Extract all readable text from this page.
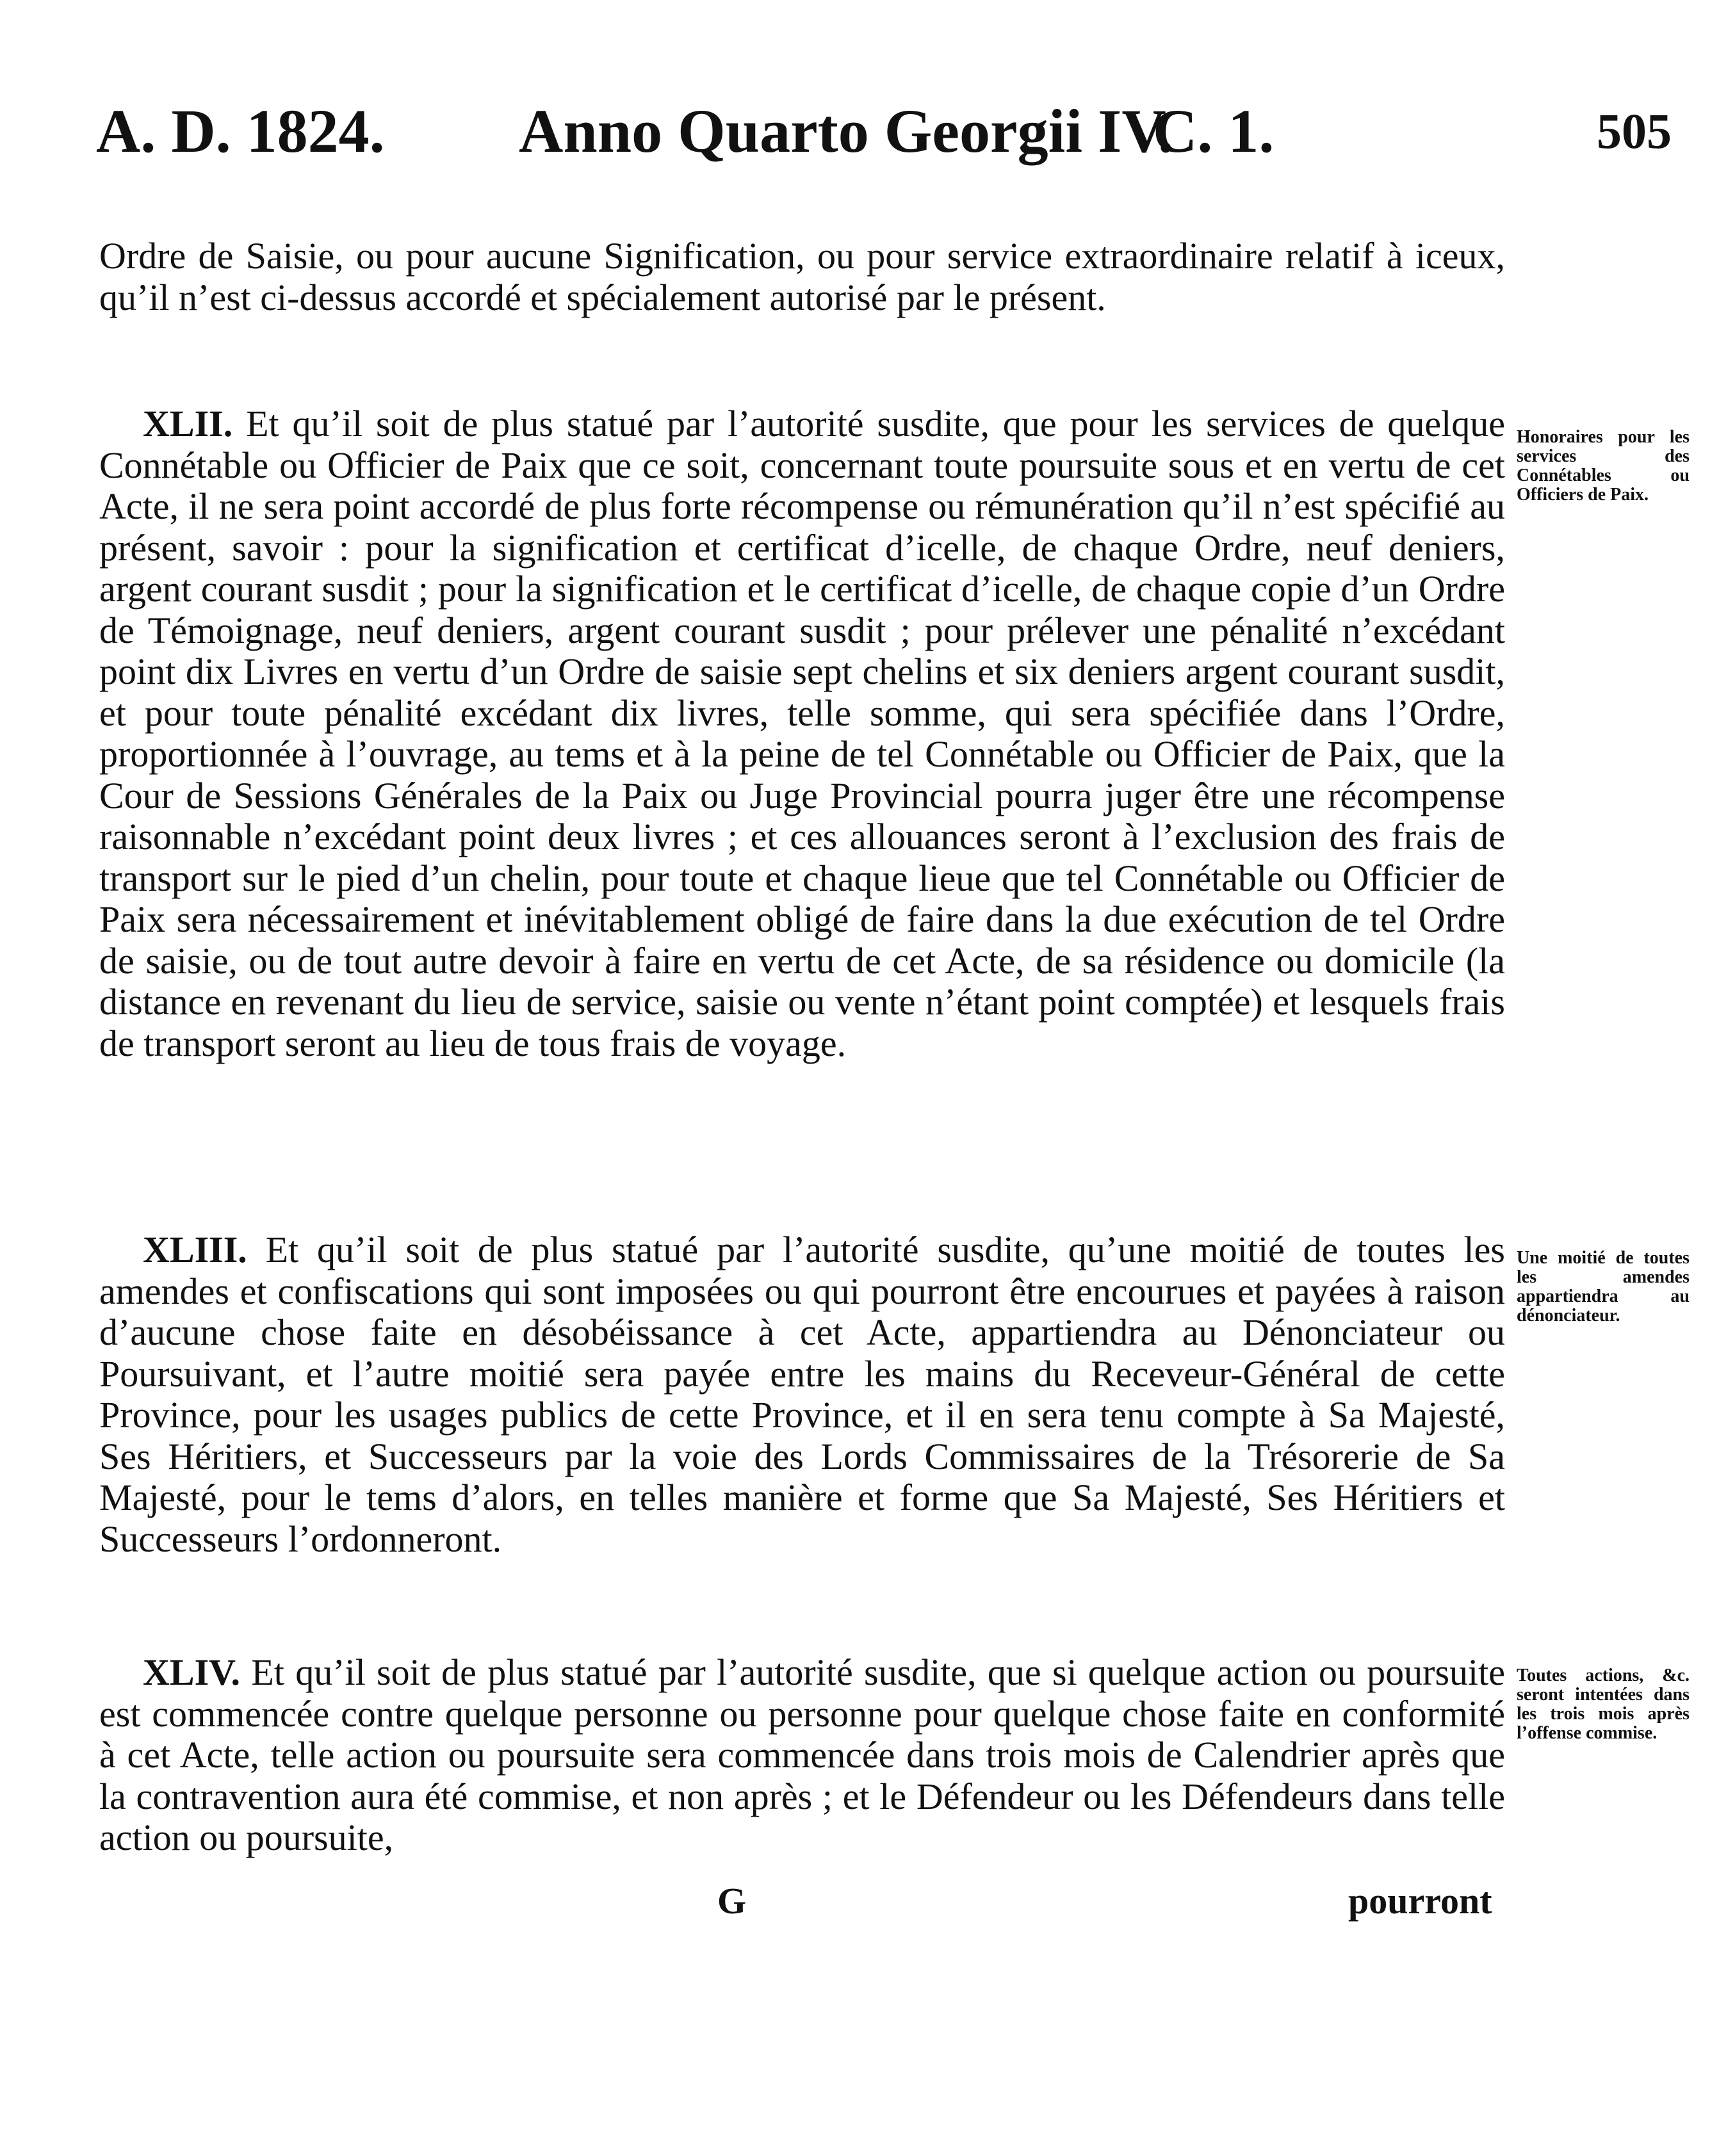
A. D. 1824. Anno Quarto Georgii IV.
C. 1.	505

Ordre de Saisie, ou pour aucune Signification, ou pour service extraordinaire relatif à iceux, qu’il n’est ci-dessus accordé et spécialement autorisé par le présent.

XLII. Et qu’il soit de plus statué par l’autorité susdite, que pour les services de quelque Connétable ou Officier de Paix que ce soit, concernant toute poursuite sous et en vertu de cet Acte, il ne sera point accordé de plus forte récompense ou rémunération qu’il n’est spécifié au présent, savoir : pour la signification et certificat d’icelle, de chaque Ordre, neuf deniers, argent courant susdit ; pour la signification et le certificat d’icelle, de chaque copie d’un Ordre de Témoignage, neuf deniers, argent courant susdit ; pour prélever une pénalité n’excédant point dix Livres en vertu d’un Ordre de saisie sept chelins et six deniers argent courant susdit, et pour toute pénalité excédant dix livres, telle somme, qui sera spécifiée dans l’Ordre, proportionnée à l’ouvrage, au tems et à la peine de tel Connétable ou Officier de Paix, que la Cour de Sessions Générales de la Paix ou Juge Provincial pourra juger être une récompense raisonnable n’excédant point deux livres ; et ces allouances seront à l’exclusion des frais de transport sur le pied d’un chelin, pour toute et chaque lieue que tel Connétable ou Officier de Paix sera nécessairement et inévitablement obligé de faire dans la due exécution de tel Ordre de saisie, ou de tout autre devoir à faire en vertu de cet Acte, de sa résidence ou domicile (la distance en revenant du lieu de service, saisie ou vente n’étant point comptée) et lesquels frais de transport seront au lieu de tous frais de voyage.

Honoraires pour les services des Connétables ou Officiers de Paix.

XLIII. Et qu’il soit de plus statué par l’autorité susdite, qu’une moitié de toutes les amendes et confiscations qui sont imposées ou qui pourront être encourues et payées à raison d’aucune chose faite en désobéissance à cet Acte, appartiendra au Dénonciateur ou Poursuivant, et l’autre moitié sera payée entre les mains du Receveur-Général de cette Province, pour les usages publics de cette Province, et il en sera tenu compte à Sa Majesté, Ses Héritiers, et Successeurs par la voie des Lords Commissaires de la Trésorerie de Sa Majesté, pour le tems d’alors, en telles manière et forme que Sa Majesté, Ses Héritiers et Successeurs l’ordonneront.

Une moitié de toutes les amendes appartiendra au dénonciateur.

XLIV. Et qu’il soit de plus statué par l’autorité susdite, que si quelque action ou poursuite est commencée contre quelque personne ou personne pour quelque chose faite en conformité à cet Acte, telle action ou poursuite sera commencée dans trois mois de Calendrier après que la contravention aura été commise, et non après ; et le Défendeur ou les Défendeurs dans telle action ou poursuite,

Toutes actions, &c. seront intentées dans les trois mois après l’offense commise.
G	pourront
